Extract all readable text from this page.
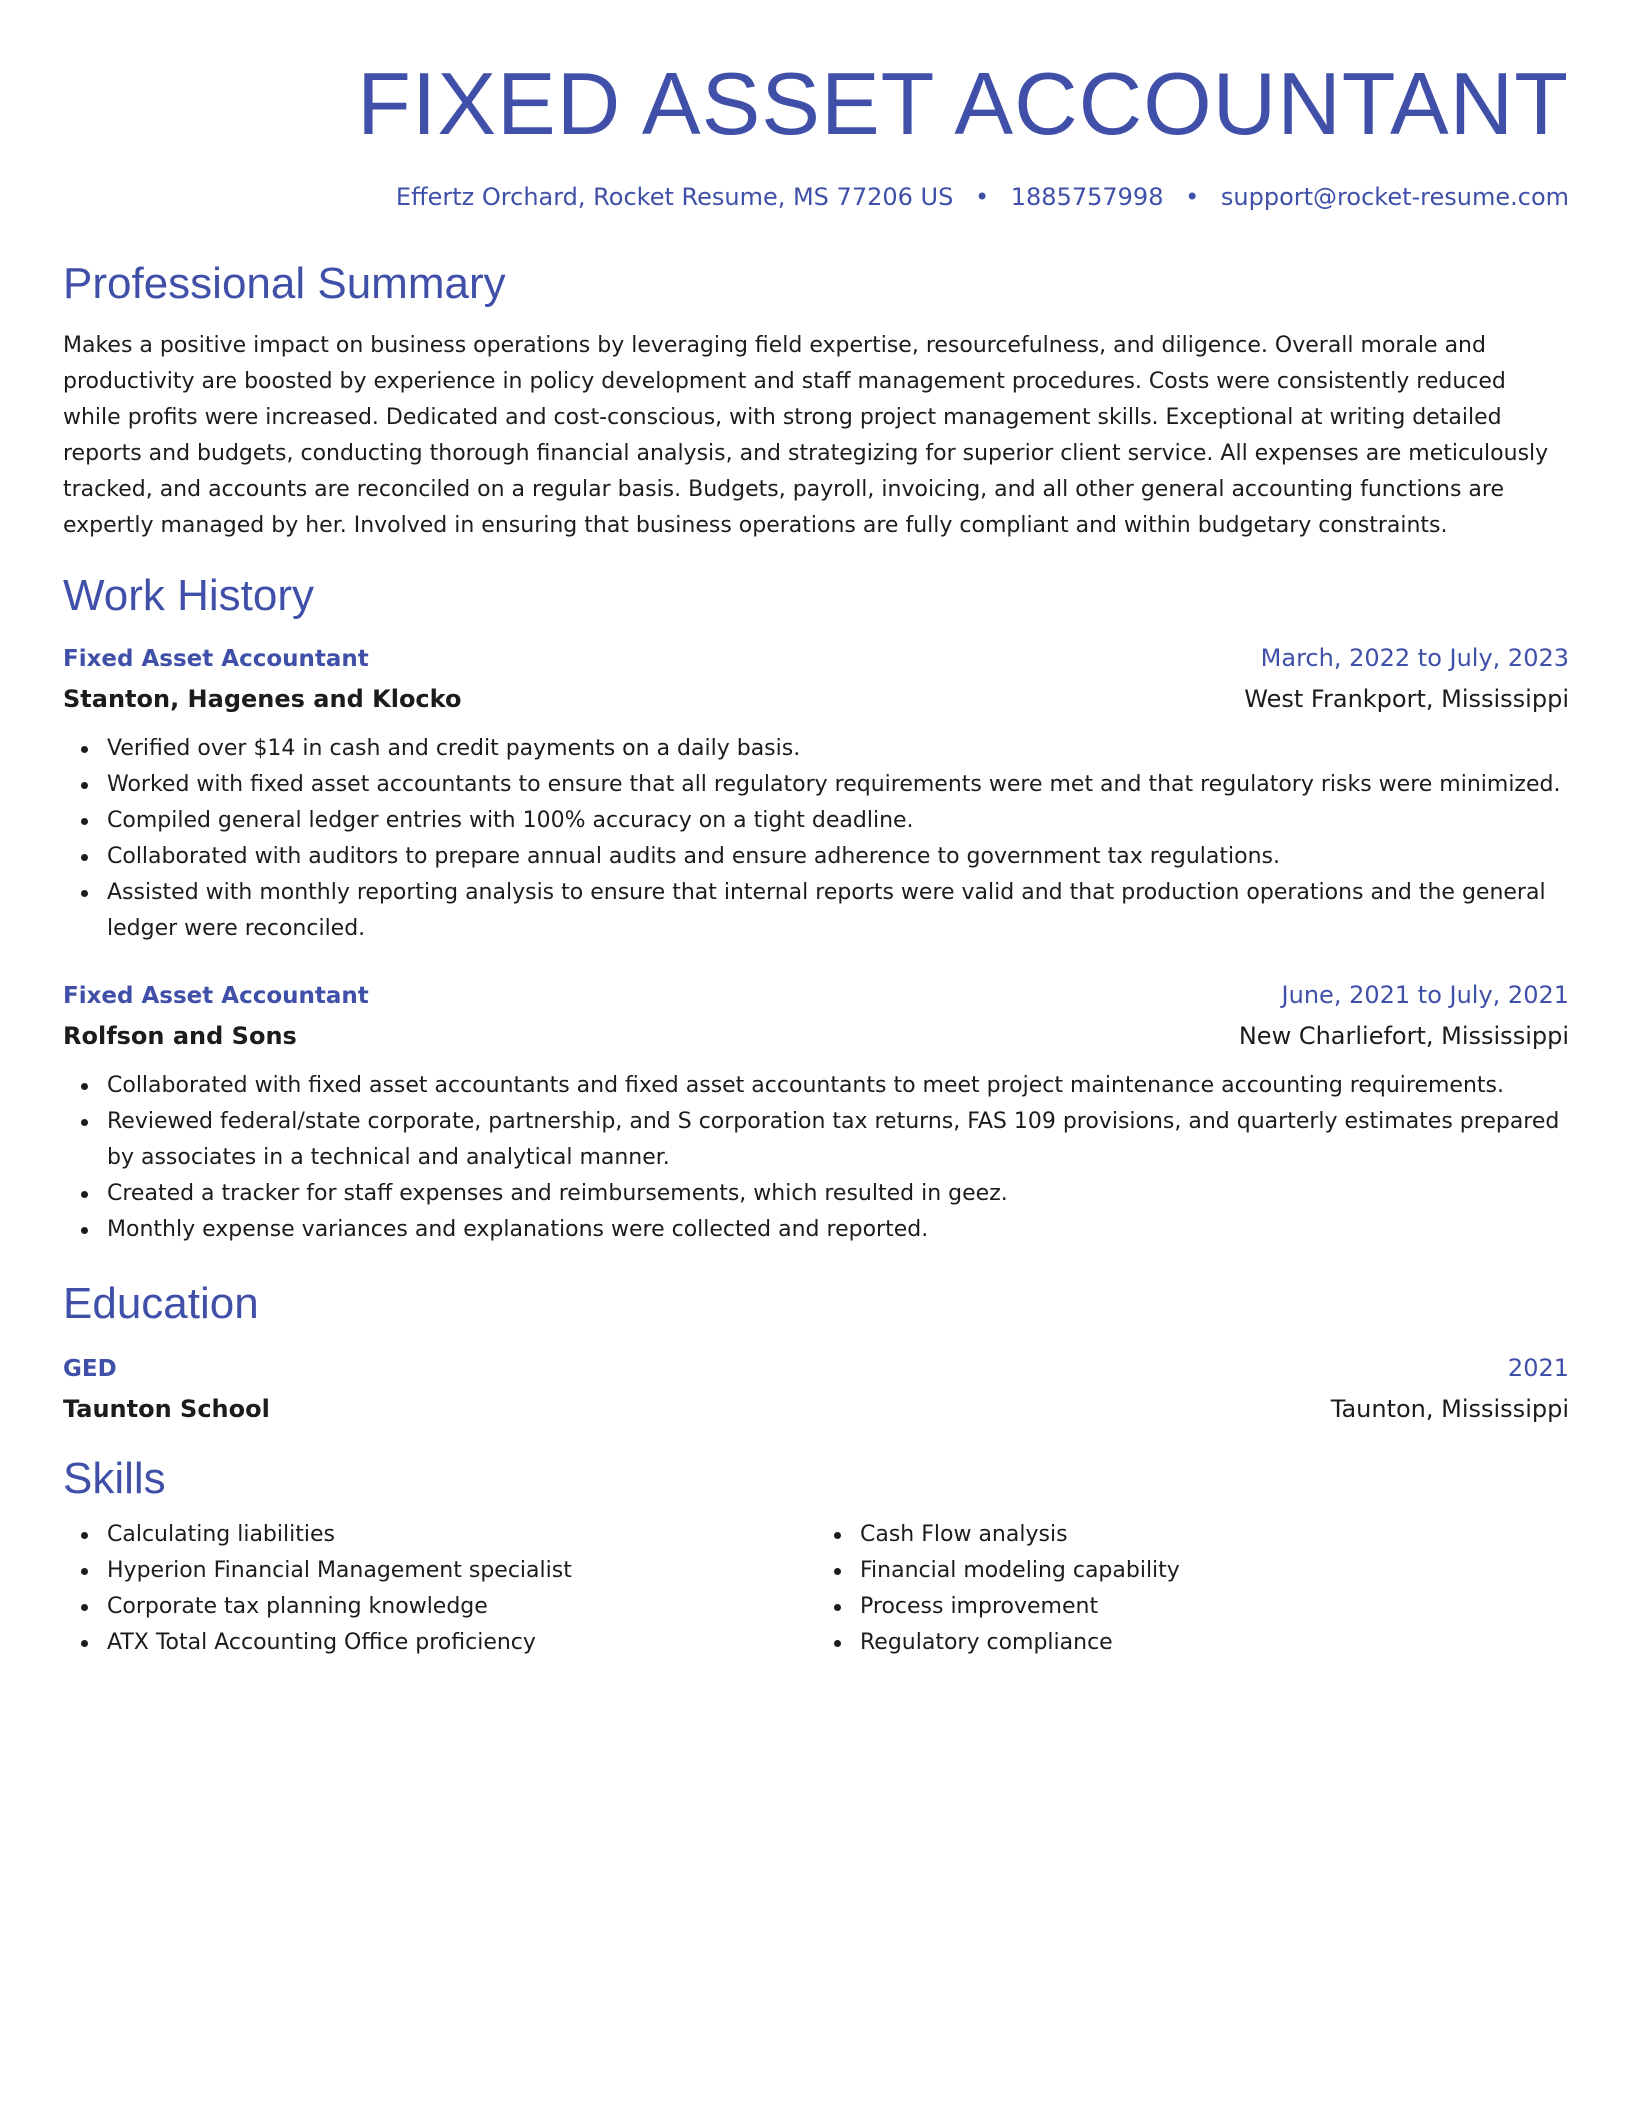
FIXED ASSET ACCOUNTANT
Effertz Orchard, Rocket Resume, MS 77206 US • 1885757998 • support@rocket-resume.com
Professional Summary

Makes a positive impact on business operations by leveraging field expertise, resourcefulness, and diligence. Overall morale and productivity are boosted by experience in policy development and staff management procedures. Costs were consistently reduced while profits were increased. Dedicated and cost-conscious, with strong project management skills. Exceptional at writing detailed reports and budgets, conducting thorough financial analysis, and strategizing for superior client service. All expenses are meticulously tracked, and accounts are reconciled on a regular basis. Budgets, payroll, invoicing, and all other general accounting functions are expertly managed by her. Involved in ensuring that business operations are fully compliant and within budgetary constraints.

Work History
Fixed Asset Accountant	March, 2022 to July, 2023
Stanton, Hagenes and Klocko	West Frankport, Mississippi
Verified over $14 in cash and credit payments on a daily basis.
Worked with fixed asset accountants to ensure that all regulatory requirements were met and that regulatory risks were minimized.
Compiled general ledger entries with 100% accuracy on a tight deadline.
Collaborated with auditors to prepare annual audits and ensure adherence to government tax regulations.
Assisted with monthly reporting analysis to ensure that internal reports were valid and that production operations and the general ledger were reconciled.
Fixed Asset Accountant	June, 2021 to July, 2021
Rolfson and Sons	New Charliefort, Mississippi
Collaborated with fixed asset accountants and fixed asset accountants to meet project maintenance accounting requirements.
Reviewed federal/state corporate, partnership, and S corporation tax returns, FAS 109 provisions, and quarterly estimates prepared by associates in a technical and analytical manner.
Created a tracker for staff expenses and reimbursements, which resulted in geez.
Monthly expense variances and explanations were collected and reported.
Education
GED	2021
Taunton School	Taunton, Mississippi
Skills
Calculating liabilities
Hyperion Financial Management specialist
Corporate tax planning knowledge
ATX Total Accounting Office proficiency
Cash Flow analysis
Financial modeling capability
Process improvement
Regulatory compliance
